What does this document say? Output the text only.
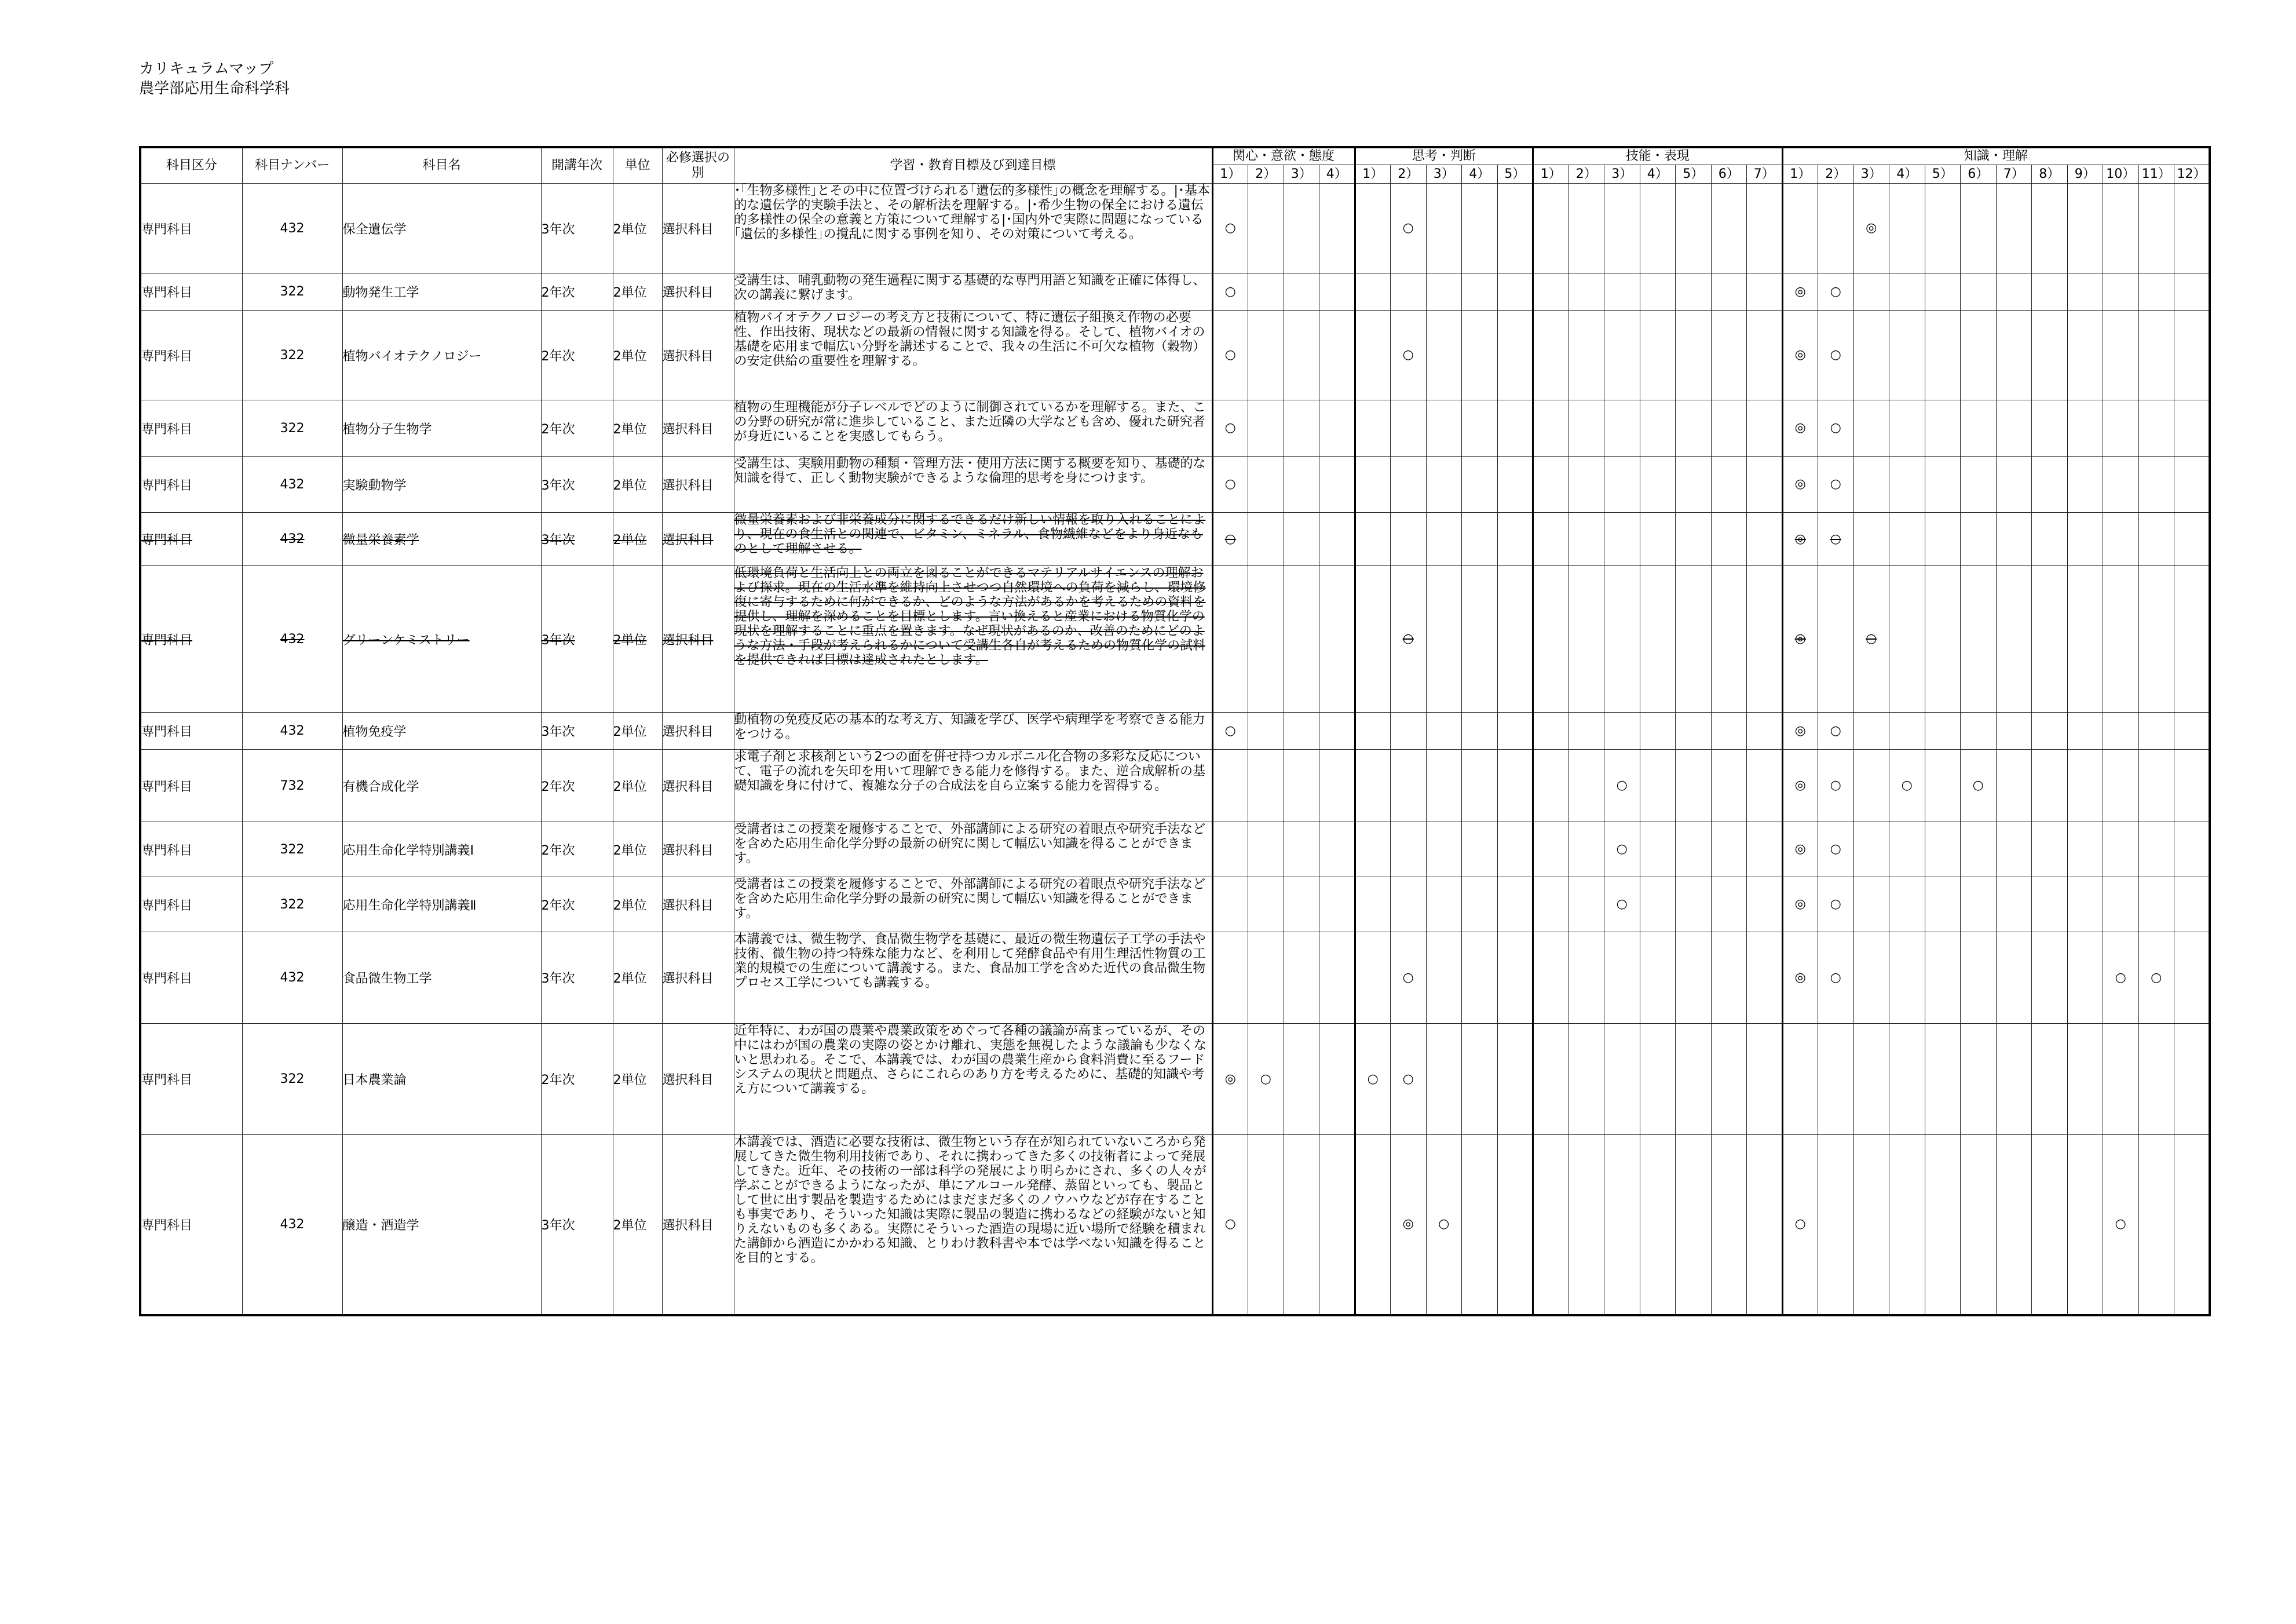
カリキュラムマップ
農学部応用生命科学科
科目区分	科目ナンバー	科目名	開講年次	単位	必修選択の別	学習・教育目標及び到達目標	関心・意欲・態度				思考・判断					技能・表現							知識・理解											
							1）	2）	3）	4）	1）	2）	3）	4）	5）	1）	2）	3）	4）	5）	6）	7）	1）	2）	3）	4）	5）	6）	7）	8）	9）	10）	11）	12）
専門科目	432	保全遺伝学	3年次	2単位	選択科目	･｢生物多様性｣とその中に位置づけられる｢遺伝的多様性｣の概念を理解する。|･基本的な遺伝学的実験手法と、その解析法を理解する。|･希少生物の保全における遺伝的多様性の保全の意義と方策について理解する|･国内外で実際に問題になっている｢遺伝的多様性｣の撹乱に関する事例を知り、その対策について考える。	○					○													◎									
専門科目	322	動物発生工学	2年次	2単位	選択科目	受講生は、哺乳動物の発生過程に関する基礎的な専門用語と知識を正確に体得し、次の講義に繋げます。	○																◎	○										
専門科目	322	植物バイオテクノロジー	2年次	2単位	選択科目	植物バイオテクノロジーの考え方と技術について、特に遺伝子組換え作物の必要性、作出技術、現状などの最新の情報に関する知識を得る。そして、植物バイオの基礎を応用まで幅広い分野を講述することで、我々の生活に不可欠な植物（穀物）の安定供給の重要性を理解する。	○					○											◎	○										
専門科目	322	植物分子生物学	2年次	2単位	選択科目	植物の生理機能が分子レベルでどのように制御されているかを理解する。また、この分野の研究が常に進歩していること、また近隣の大学なども含め、優れた研究者が身近にいることを実感してもらう。	○																◎	○										
専門科目	432	実験動物学	3年次	2単位	選択科目	受講生は、実験用動物の種類・管理方法・使用方法に関する概要を知り、基礎的な知識を得て、正しく動物実験ができるような倫理的思考を身につけます。	○																◎	○										
専門科目	432	微量栄養素学	3年次	2単位	選択科目	微量栄養素および非栄養成分に関するできるだけ新しい情報を取り入れることにより、現在の食生活との関連で、ビタミン、ミネラル、食物繊維などをより身近なものとして理解させる。	○																◎	○										
専門科目	432	グリーンケミストリー	3年次	2単位	選択科目	低環境負荷と生活向上との両立を図ることができるマテリアルサイエンスの理解および探求。現在の生活水準を維持向上させつつ自然環境への負荷を減らし、環境修復に寄与するために何ができるか、どのような方法があるかを考えるための資料を提供し、理解を深めることを目標とします。言い換えると産業における物質化学の現状を理解することに重点を置きます。なぜ現状があるのか、改善のためにどのような方法・手段が考えられるかについて受講生各自が考えるための物質化学の試料を提供できれば目標は達成されたとします。						○											◎		○									
専門科目	432	植物免疫学	3年次	2単位	選択科目	動植物の免疫反応の基本的な考え方、知識を学び、医学や病理学を考察できる能力をつける。	○																◎	○										
専門科目	732	有機合成化学	2年次	2単位	選択科目	求電子剤と求核剤という2つの面を併せ持つカルボニル化合物の多彩な反応について、電子の流れを矢印を用いて理解できる能力を修得する。また、逆合成解析の基礎知識を身に付けて、複雑な分子の合成法を自ら立案する能力を習得する。												○					◎	○		○		○						
専門科目	322	応用生命化学特別講義Ⅰ	2年次	2単位	選択科目	受講者はこの授業を履修することで、外部講師による研究の着眼点や研究手法などを含めた応用生命化学分野の最新の研究に関して幅広い知識を得ることができます。												○					◎	○										
専門科目	322	応用生命化学特別講義Ⅱ	2年次	2単位	選択科目	受講者はこの授業を履修することで、外部講師による研究の着眼点や研究手法などを含めた応用生命化学分野の最新の研究に関して幅広い知識を得ることができます。												○					◎	○										
専門科目	432	食品微生物工学	3年次	2単位	選択科目	本講義では、微生物学、食品微生物学を基礎に、最近の微生物遺伝子工学の手法や技術、微生物の持つ特殊な能力など、を利用して発酵食品や有用生理活性物質の工業的規模での生産について講義する。また、食品加工学を含めた近代の食品微生物プロセス工学についても講義する。						○											◎	○								○	○	
専門科目	322	日本農業論	2年次	2単位	選択科目	近年特に、わが国の農業や農業政策をめぐって各種の議論が高まっているが、その中にはわが国の農業の実際の姿とかけ離れ、実態を無視したような議論も少なくないと思われる。そこで、本講義では、わが国の農業生産から食料消費に至るフードシステムの現状と問題点、さらにこれらのあり方を考えるために、基礎的知識や考え方について講義する。	◎	○			○	○																						
専門科目	432	醸造・酒造学	3年次	2単位	選択科目	本講義では、酒造に必要な技術は、微生物という存在が知られていないころから発展してきた微生物利用技術であり、それに携わってきた多くの技術者によって発展してきた。近年、その技術の一部は科学の発展により明らかにされ、多くの人々が学ぶことができるようになったが、単にアルコール発酵、蒸留といっても、製品として世に出す製品を製造するためにはまだまだ多くのノウハウなどが存在することも事実であり、そういった知識は実際に製品の製造に携わるなどの経験がないと知りえないものも多くある。実際にそういった酒造の現場に近い場所で経験を積まれた講師から酒造にかかわる知識、とりわけ教科書や本では学べない知識を得ることを目的とする。	○					◎	○										○									○		
